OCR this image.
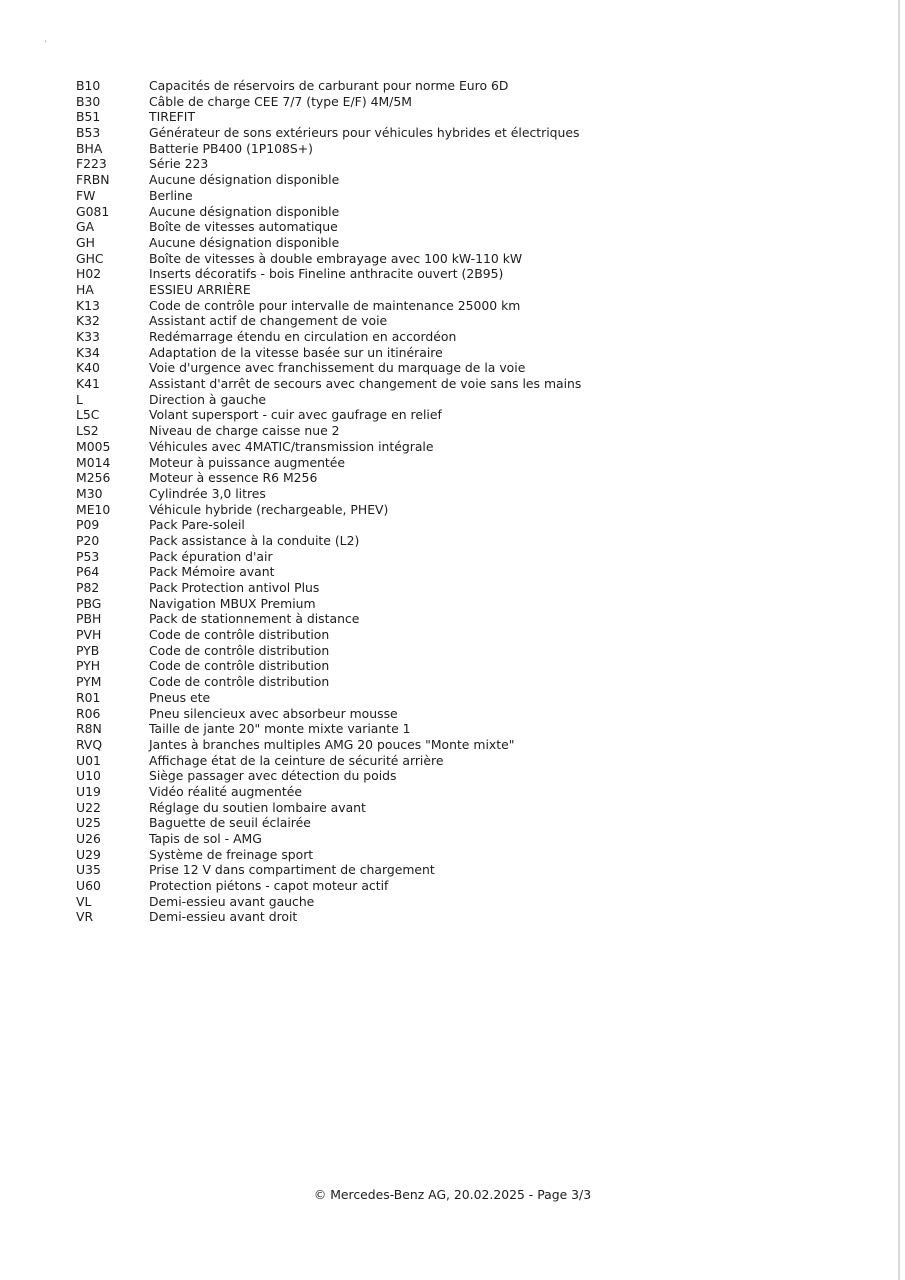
’
B10	Capacités de réservoirs de carburant pour norme Euro 6D
B30	Câble de charge CEE 7/7 (type E/F) 4M/5M
B51	TIREFIT
B53	Générateur de sons extérieurs pour véhicules hybrides et électriques
BHA	Batterie PB400 (1P108S+)
F223	Série 223
FRBN	Aucune désignation disponible
FW	Berline
G081	Aucune désignation disponible
GA	Boîte de vitesses automatique
GH	Aucune désignation disponible
GHC	Boîte de vitesses à double embrayage avec 100 kW-110 kW
H02	Inserts décoratifs - bois Fineline anthracite ouvert (2B95)
HA	ESSIEU ARRIÈRE
K13	Code de contrôle pour intervalle de maintenance 25000 km
K32	Assistant actif de changement de voie
K33	Redémarrage étendu en circulation en accordéon
K34	Adaptation de la vitesse basée sur un itinéraire
K40	Voie d'urgence avec franchissement du marquage de la voie
K41	Assistant d'arrêt de secours avec changement de voie sans les mains
L	Direction à gauche
L5C	Volant supersport - cuir avec gaufrage en relief
LS2	Niveau de charge caisse nue 2
M005	Véhicules avec 4MATIC/transmission intégrale
M014	Moteur à puissance augmentée
M256	Moteur à essence R6 M256
M30	Cylindrée 3,0 litres
ME10	Véhicule hybride (rechargeable, PHEV)
P09	Pack Pare-soleil
P20	Pack assistance à la conduite (L2)
P53	Pack épuration d'air
P64	Pack Mémoire avant
P82	Pack Protection antivol Plus
PBG	Navigation MBUX Premium
PBH	Pack de stationnement à distance
PVH	Code de contrôle distribution
PYB	Code de contrôle distribution
PYH	Code de contrôle distribution
PYM	Code de contrôle distribution
R01	Pneus ete
R06	Pneu silencieux avec absorbeur mousse
R8N	Taille de jante 20" monte mixte variante 1
RVQ	Jantes à branches multiples AMG 20 pouces "Monte mixte"
U01	Affichage état de la ceinture de sécurité arrière
U10	Siège passager avec détection du poids
U19	Vidéo réalité augmentée
U22	Réglage du soutien lombaire avant
U25	Baguette de seuil éclairée
U26	Tapis de sol - AMG
U29	Système de freinage sport
U35	Prise 12 V dans compartiment de chargement
U60	Protection piétons - capot moteur actif
VL	Demi-essieu avant gauche
VR	Demi-essieu avant droit
© Mercedes-Benz AG, 20.02.2025 - Page 3/3
